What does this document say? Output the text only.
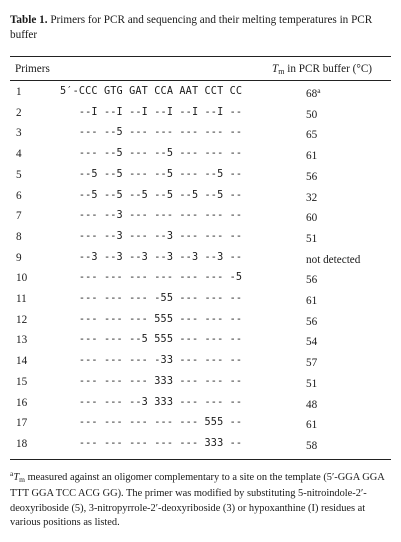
Table 1. Primers for PCR and sequencing and their melting temperatures in PCR buffer
Primers	$T_m$ in PCR buffer (°C)
1	5′-CCC GTG GAT CCA AAT CCT CC	68$^a$
2	--I --I --I --I --I --I --	50
3	--- --5 --- --- --- --- --	65
4	--- --5 --- --5 --- --- --	61
5	--5 --5 --- --5 --- --5 --	56
6	--5 --5 --5 --5 --5 --5 --	32
7	--- --3 --- --- --- --- --	60
8	--- --3 --- --3 --- --- --	51
9	--3 --3 --3 --3 --3 --3 --	not detected
10	--- --- --- --- --- --- -5	56
11	--- --- --- -55 --- --- --	61
12	--- --- --- 555 --- --- --	56
13	--- --- --5 555 --- --- --	54
14	--- --- --- -33 --- --- --	57
15	--- --- --- 333 --- --- --	51
16	--- --- --3 333 --- --- --	48
17	--- --- --- --- --- 555 --	61
18	--- --- --- --- --- 333 --	58
$^aT_m$ measured against an oligomer complementary to a site on the template (5′-GGA GGA TTT GGA TCC ACG GG). The primer was modified by substituting 5-nitroindole-2′-deoxyriboside (5), 3-nitropyrrole-2′-deoxyriboside (3) or hypoxanthine (I) residues at various positions as listed.
